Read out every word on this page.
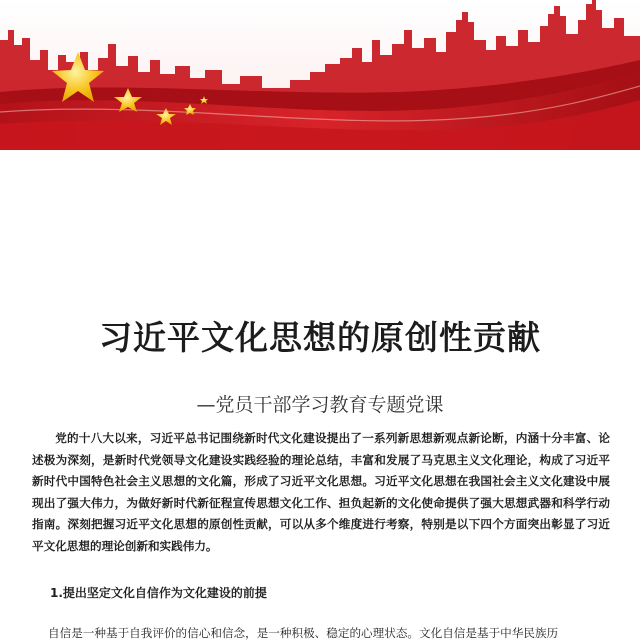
习近平文化思想的原创性贡献
—党员干部学习教育专题党课

党的十八大以来，习近平总书记围绕新时代文化建设提出了一系列新思想新观点新论断，内涵十分丰富、论述极为深刻，是新时代党领导文化建设实践经验的理论总结，丰富和发展了马克思主义文化理论，构成了习近平新时代中国特色社会主义思想的文化篇，形成了习近平文化思想。习近平文化思想在我国社会主义文化建设中展现出了强大伟力，为做好新时代新征程宣传思想文化工作、担负起新的文化使命提供了强大思想武器和科学行动指南。深刻把握习近平文化思想的原创性贡献，可以从多个维度进行考察，特别是以下四个方面突出彰显了习近平文化思想的理论创新和实践伟力。

1.提出坚定文化自信作为文化建设的前提
自信是一种基于自我评价的信心和信念，是一种积极、稳定的心理状态。文化自信是基于中华民族历
